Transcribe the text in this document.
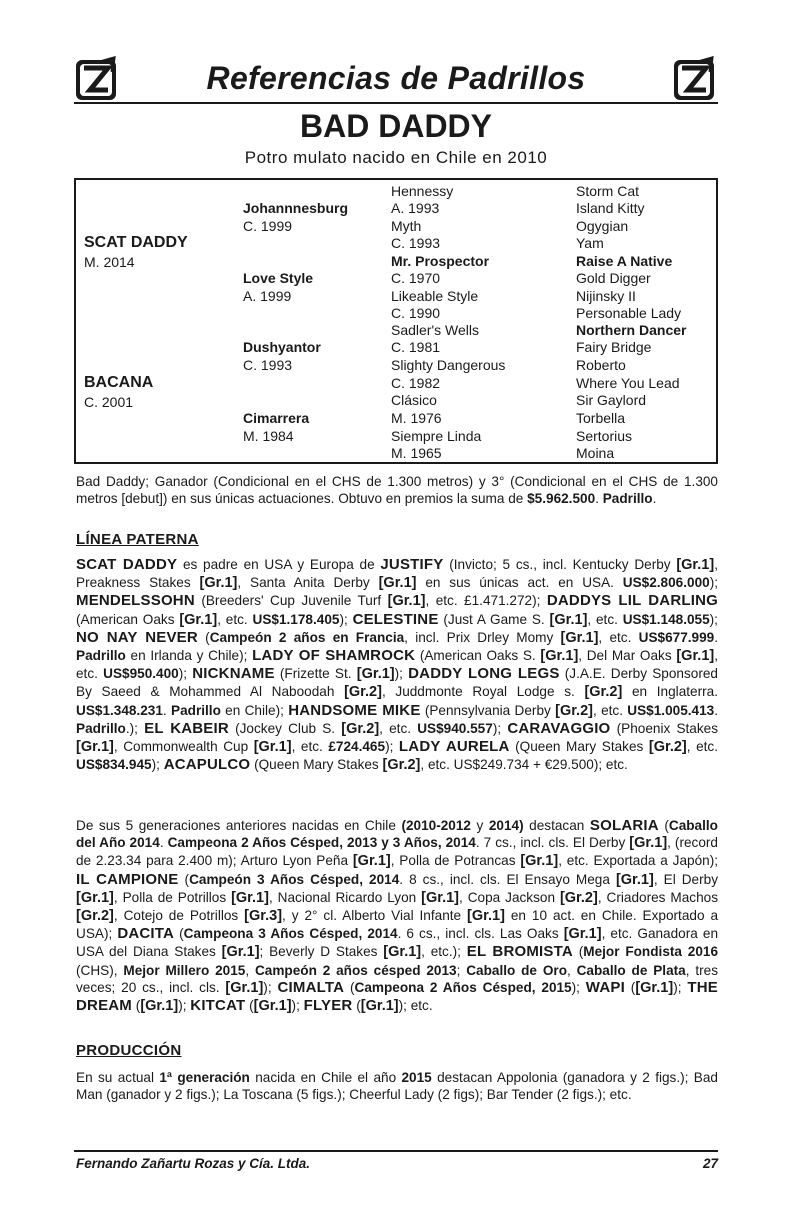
Referencias de Padrillos
BAD DADDY
Potro mulato nacido en Chile en 2010
SCAT DADDY
M. 2014
BACANA
C. 2001
Johannnesburg
C. 1999
Love Style
A. 1999
Dushyantor
C. 1993
Cimarrera
M. 1984
Hennessy
A. 1993
Myth
C. 1993
Mr. Prospector
C. 1970
Likeable Style
C. 1990
Sadler's Wells
C. 1981
Slighty Dangerous
C. 1982
Clásico
M. 1976
Siempre Linda
M. 1965
Storm Cat
Island Kitty
Ogygian
Yam
Raise A Native
Gold Digger
Nijinsky II
Personable Lady
Northern Dancer
Fairy Bridge
Roberto
Where You Lead
Sir Gaylord
Torbella
Sertorius
Moina
Bad Daddy; Ganador (Condicional en el CHS de 1.300 metros) y 3° (Condicional en el CHS de 1.300 metros [debut]) en sus únicas actuaciones. Obtuvo en premios la suma de $5.962.500. Padrillo.
LÍNEA PATERNA
SCAT DADDY es padre en USA y Europa de JUSTIFY (Invicto; 5 cs., incl. Kentucky Derby [Gr.1], Preakness Stakes [Gr.1], Santa Anita Derby [Gr.1] en sus únicas act. en USA. US$2.806.000); MENDELSSOHN (Breeders' Cup Juvenile Turf [Gr.1], etc. £1.471.272); DADDYS LIL DARLING (American Oaks [Gr.1], etc. US$1.178.405); CELESTINE (Just A Game S. [Gr.1], etc. US$1.148.055); NO NAY NEVER (Campeón 2 años en Francia, incl. Prix Drley Momy [Gr.1], etc. US$677.999. Padrillo en Irlanda y Chile); LADY OF SHAMROCK (American Oaks S. [Gr.1], Del Mar Oaks [Gr.1], etc. US$950.400); NICKNAME (Frizette St. [Gr.1]); DADDY LONG LEGS (J.A.E. Derby Sponsored By Saeed & Mohammed Al Naboodah [Gr.2], Juddmonte Royal Lodge s. [Gr.2] en Inglaterra. US$1.348.231. Padrillo en Chile); HANDSOME MIKE (Pennsylvania Derby [Gr.2], etc. US$1.005.413. Padrillo.); EL KABEIR (Jockey Club S. [Gr.2], etc. US$940.557); CARAVAGGIO (Phoenix Stakes [Gr.1], Commonwealth Cup [Gr.1], etc. £724.465); LADY AURELA (Queen Mary Stakes [Gr.2], etc. US$834.945); ACAPULCO (Queen Mary Stakes [Gr.2], etc. US$249.734 + €29.500); etc.
De sus 5 generaciones anteriores nacidas en Chile (2010-2012 y 2014) destacan SOLARIA (Caballo del Año 2014. Campeona 2 Años Césped, 2013 y 3 Años, 2014. 7 cs., incl. cls. El Derby [Gr.1], (record de 2.23.34 para 2.400 m); Arturo Lyon Peña [Gr.1], Polla de Potrancas [Gr.1], etc. Exportada a Japón); IL CAMPIONE (Campeón 3 Años Césped, 2014. 8 cs., incl. cls. El Ensayo Mega [Gr.1], El Derby [Gr.1], Polla de Potrillos [Gr.1], Nacional Ricardo Lyon [Gr.1], Copa Jackson [Gr.2], Criadores Machos [Gr.2], Cotejo de Potrillos [Gr.3], y 2° cl. Alberto Vial Infante [Gr.1] en 10 act. en Chile. Exportado a USA); DACITA (Campeona 3 Años Césped, 2014. 6 cs., incl. cls. Las Oaks [Gr.1], etc. Ganadora en USA del Diana Stakes [Gr.1]; Beverly D Stakes [Gr.1], etc.); EL BROMISTA (Mejor Fondista 2016 (CHS), Mejor Millero 2015, Campeón 2 años césped 2013; Caballo de Oro, Caballo de Plata, tres veces; 20 cs., incl. cls. [Gr.1]); CIMALTA (Campeona 2 Años Césped, 2015); WAPI ([Gr.1]); THE DREAM ([Gr.1]); KITCAT ([Gr.1]); FLYER ([Gr.1]); etc.
PRODUCCIÓN
En su actual 1ª generación nacida en Chile el año 2015 destacan Appolonia (ganadora y 2 figs.); Bad Man (ganador y 2 figs.); La Toscana (5 figs.); Cheerful Lady (2 figs); Bar Tender (2 figs.); etc.
Fernando Zañartu Rozas y Cía. Ltda.	27
